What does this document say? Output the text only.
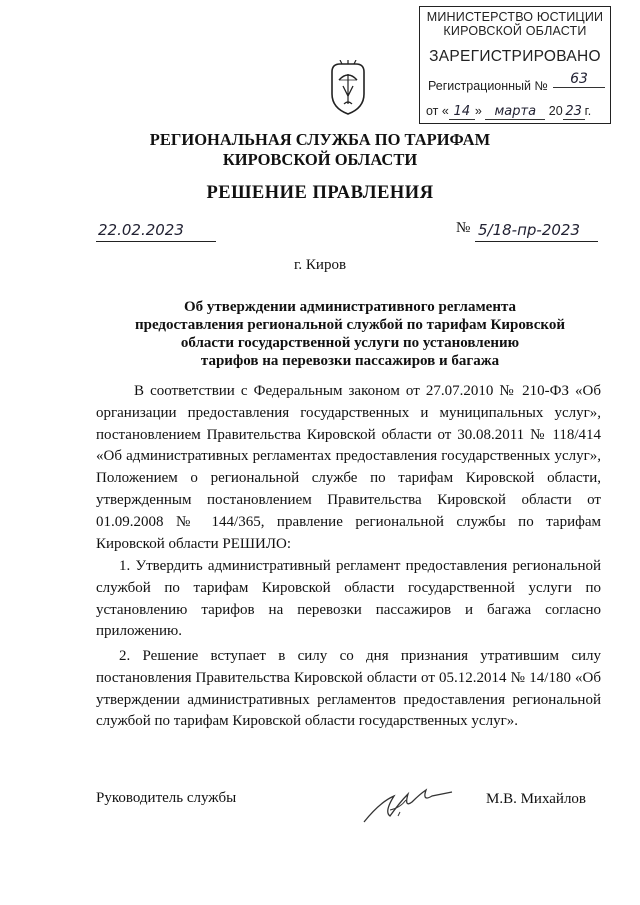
МИНИСТЕРСТВО ЮСТИЦИИ
КИРОВСКОЙ ОБЛАСТИ
ЗАРЕГИСТРИРОВАНО
Регистрационный №	63
от « 14 » марта 20 23 г.
РЕГИОНАЛЬНАЯ СЛУЖБА ПО ТАРИФАМ
КИРОВСКОЙ ОБЛАСТИ
РЕШЕНИЕ ПРАВЛЕНИЯ
22.02.2023	№ 5/18-пр-2023
г. Киров
Об утверждении административного регламента
предоставления региональной службой по тарифам Кировской
области государственной услуги по установлению
тарифов на перевозки пассажиров и багажа

В соответствии с Федеральным законом от 27.07.2010 № 210-ФЗ «Об организации предоставления государственных и муниципальных услуг», постановлением Правительства Кировской области от 30.08.2011 № 118/414 «Об административных регламентах предоставления государственных услуг», Положением о региональной службе по тарифам Кировской области, утвержденным постановлением Правительства Кировской области от 01.09.2008 № 144/365, правление региональной службы по тарифам Кировской области РЕШИЛО:

1. Утвердить административный регламент предоставления региональной службой по тарифам Кировской области государственной услуги по установлению тарифов на перевозки пассажиров и багажа согласно приложению.

2. Решение вступает в силу со дня признания утратившим силу постановления Правительства Кировской области от 05.12.2014 № 14/180 «Об утверждении административных регламентов предоставления региональной службой по тарифам Кировской области государственных услуг».

Руководитель службы	М.В. Михайлов
